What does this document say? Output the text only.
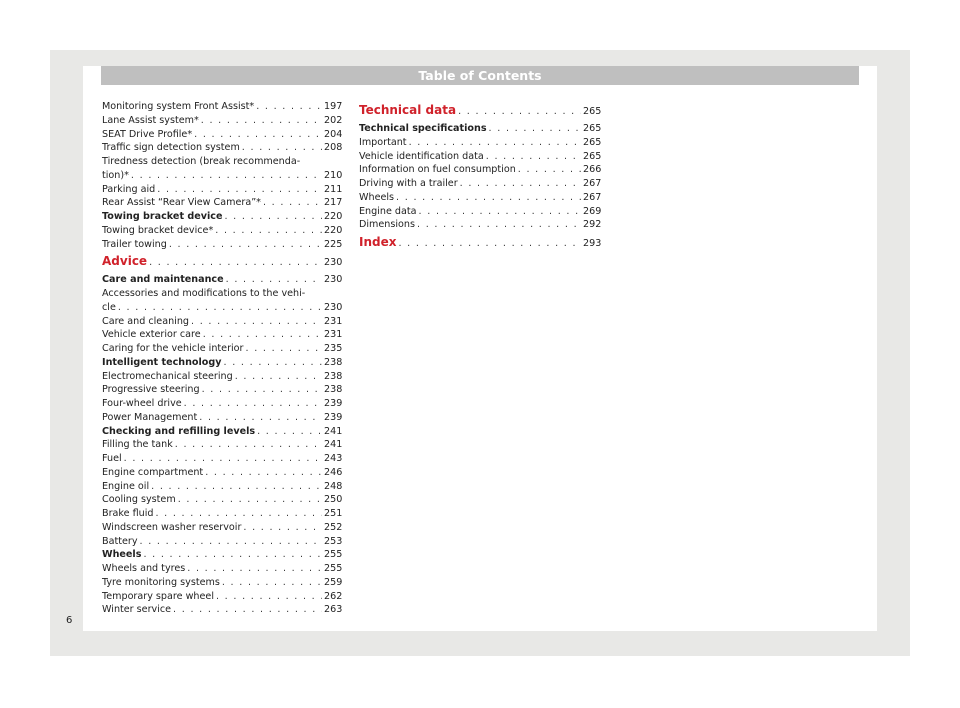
Table of Contents
Monitoring system Front Assist* . . .	197
Lane Assist system* . . .	202
SEAT Drive Profile* . . .	204
Traffic sign detection system . . .	208
Tiredness detection (break recommenda-
tion)* . . .	210
Parking aid . . .	211
Rear Assist “Rear View Camera”* . . .	217
Towing bracket device . . .	220
Towing bracket device* . . .	220
Trailer towing . . .	225
Advice . . .	230
Care and maintenance . . .	230
Accessories and modifications to the vehi-
cle . . .	230
Care and cleaning . . .	231
Vehicle exterior care . . .	231
Caring for the vehicle interior . . .	235
Intelligent technology . . .	238
Electromechanical steering . . .	238
Progressive steering . . .	238
Four-wheel drive . . .	239
Power Management . . .	239
Checking and refilling levels . . .	241
Filling the tank . . .	241
Fuel . . .	243
Engine compartment . . .	246
Engine oil . . .	248
Cooling system . . .	250
Brake fluid . . .	251
Windscreen washer reservoir . . .	252
Battery . . .	253
Wheels . . .	255
Wheels and tyres . . .	255
Tyre monitoring systems . . .	259
Temporary spare wheel . . .	262
Winter service . . .	263
Technical data . . .	265
Technical specifications . . .	265
Important . . .	265
Vehicle identification data . . .	265
Information on fuel consumption . . .	266
Driving with a trailer . . .	267
Wheels . . .	267
Engine data . . .	269
Dimensions . . .	292
Index . . .	293
6
